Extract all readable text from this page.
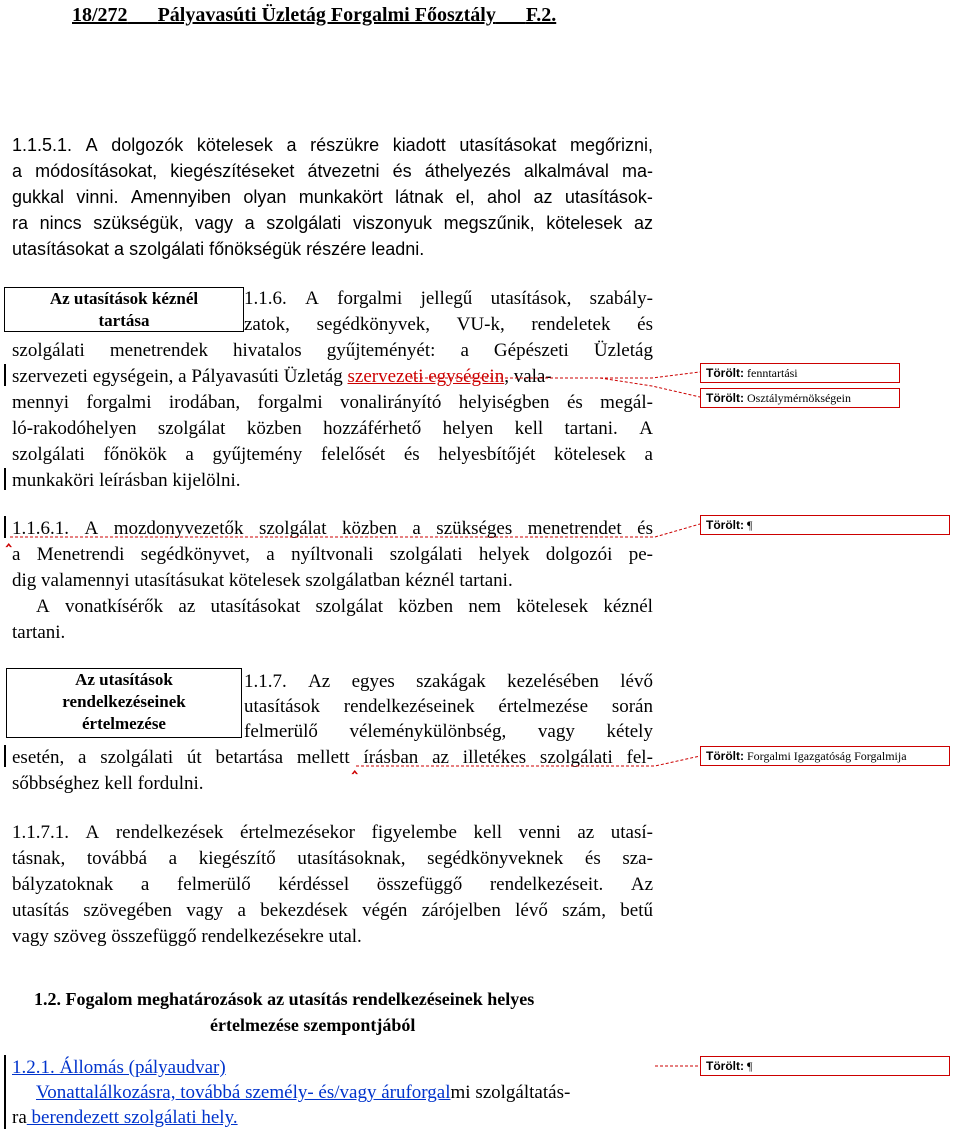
18/272 Pályavasúti Üzletág Forgalmi Főosztály F.2.
1.1.5.1. A dolgozók kötelesek a részükre kiadott utasításokat megőrizni,
a módosításokat, kiegészítéseket átvezetni és áthelyezés alkalmával ma-
gukkal vinni. Amennyiben olyan munkakört látnak el, ahol az utasítások-
ra nincs szükségük, vagy a szolgálati viszonyuk megszűnik, kötelesek az
utasításokat a szolgálati főnökségük részére leadni.
Az utasítások kéznél
tartása
1.1.6. A forgalmi jellegű utasítások, szabály-
zatok, segédkönyvek, VU-k, rendeletek és
szolgálati menetrendek hivatalos gyűjteményét: a Gépészeti Üzletág
szervezeti egységein, a Pályavasúti Üzletág szervezeti egységein, vala-
mennyi forgalmi irodában, forgalmi vonalirányító helyiségben és megál-
ló-rakodóhelyen szolgálat közben hozzáférhető helyen kell tartani. A
szolgálati főnökök a gyűjtemény felelősét és helyesbítőjét kötelesek a
munkaköri leírásban kijelölni.
1.1.6.1. A mozdonyvezetők szolgálat közben a szükséges menetrendet és
a Menetrendi segédkönyvet, a nyíltvonali szolgálati helyek dolgozói pe-
dig valamennyi utasításukat kötelesek szolgálatban kéznél tartani.
A vonatkísérők az utasításokat szolgálat közben nem kötelesek kéznél
tartani.
‸
Az utasítások
rendelkezéseinek
értelmezése
1.1.7. Az egyes szakágak kezelésében lévő
utasítások rendelkezéseinek értelmezése során
felmerülő véleménykülönbség, vagy kétely
esetén, a szolgálati út betartása mellett írásban az illetékes szolgálati fel-
sőbbséghez kell fordulni.
‸
1.1.7.1. A rendelkezések értelmezésekor figyelembe kell venni az utasí-
tásnak, továbbá a kiegészítő utasításoknak, segédkönyveknek és sza-
bályzatoknak a felmerülő kérdéssel összefüggő rendelkezéseit. Az
utasítás szövegében vagy a bekezdések végén zárójelben lévő szám, betű
vagy szöveg összefüggő rendelkezésekre utal.
1.2. Fogalom meghatározások az utasítás rendelkezéseinek helyes
értelmezése szempontjából
1.2.1. Állomás (pályaudvar)
Vonattalálkozásra, továbbá személy- és/vagy áruforgalmi szolgáltatás-
ra berendezett szolgálati hely.
Törölt: fenntartási
Törölt: Osztálymérnökségein
Törölt: ¶
Törölt: Forgalmi Igazgatóság Forgalmija
Törölt: ¶
